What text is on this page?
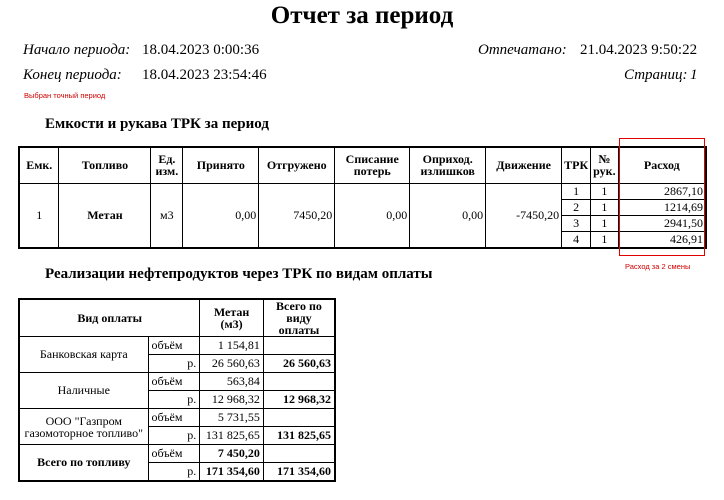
Отчет за период
Начало периода: 18.04.2023 0:00:36
Конец периода: 18.04.2023 23:54:46
Отпечатано: 21.04.2023 9:50:22
Страниц: 1
Выбран точный период
Емкости и рукава ТРК за период
Емк.	Топливо	Ед. изм.	Принято	Отгружено	Списание потерь	Оприход. излишков	Движение	ТРК	№ рук.	Расход
1	Метан	м3	0,00	7450,20	0,00	0,00	-7450,20	1	1	2867,10
								2	1	1214,69
								3	1	2941,50
								4	1	426,91
Расход за 2 смены
Реализации нефтепродуктов через ТРК по видам оплаты
Вид оплаты		Метан (м3)	Всего по виду оплаты
Банковская карта	объём	1 154,81	
	р.	26 560,63	26 560,63
Наличные	объём	563,84	
	р.	12 968,32	12 968,32
ООО "Газпром газомоторное топливо"	объём	5 731,55	
	р.	131 825,65	131 825,65
Всего по топливу	объём	7 450,20	
	р.	171 354,60	171 354,60
